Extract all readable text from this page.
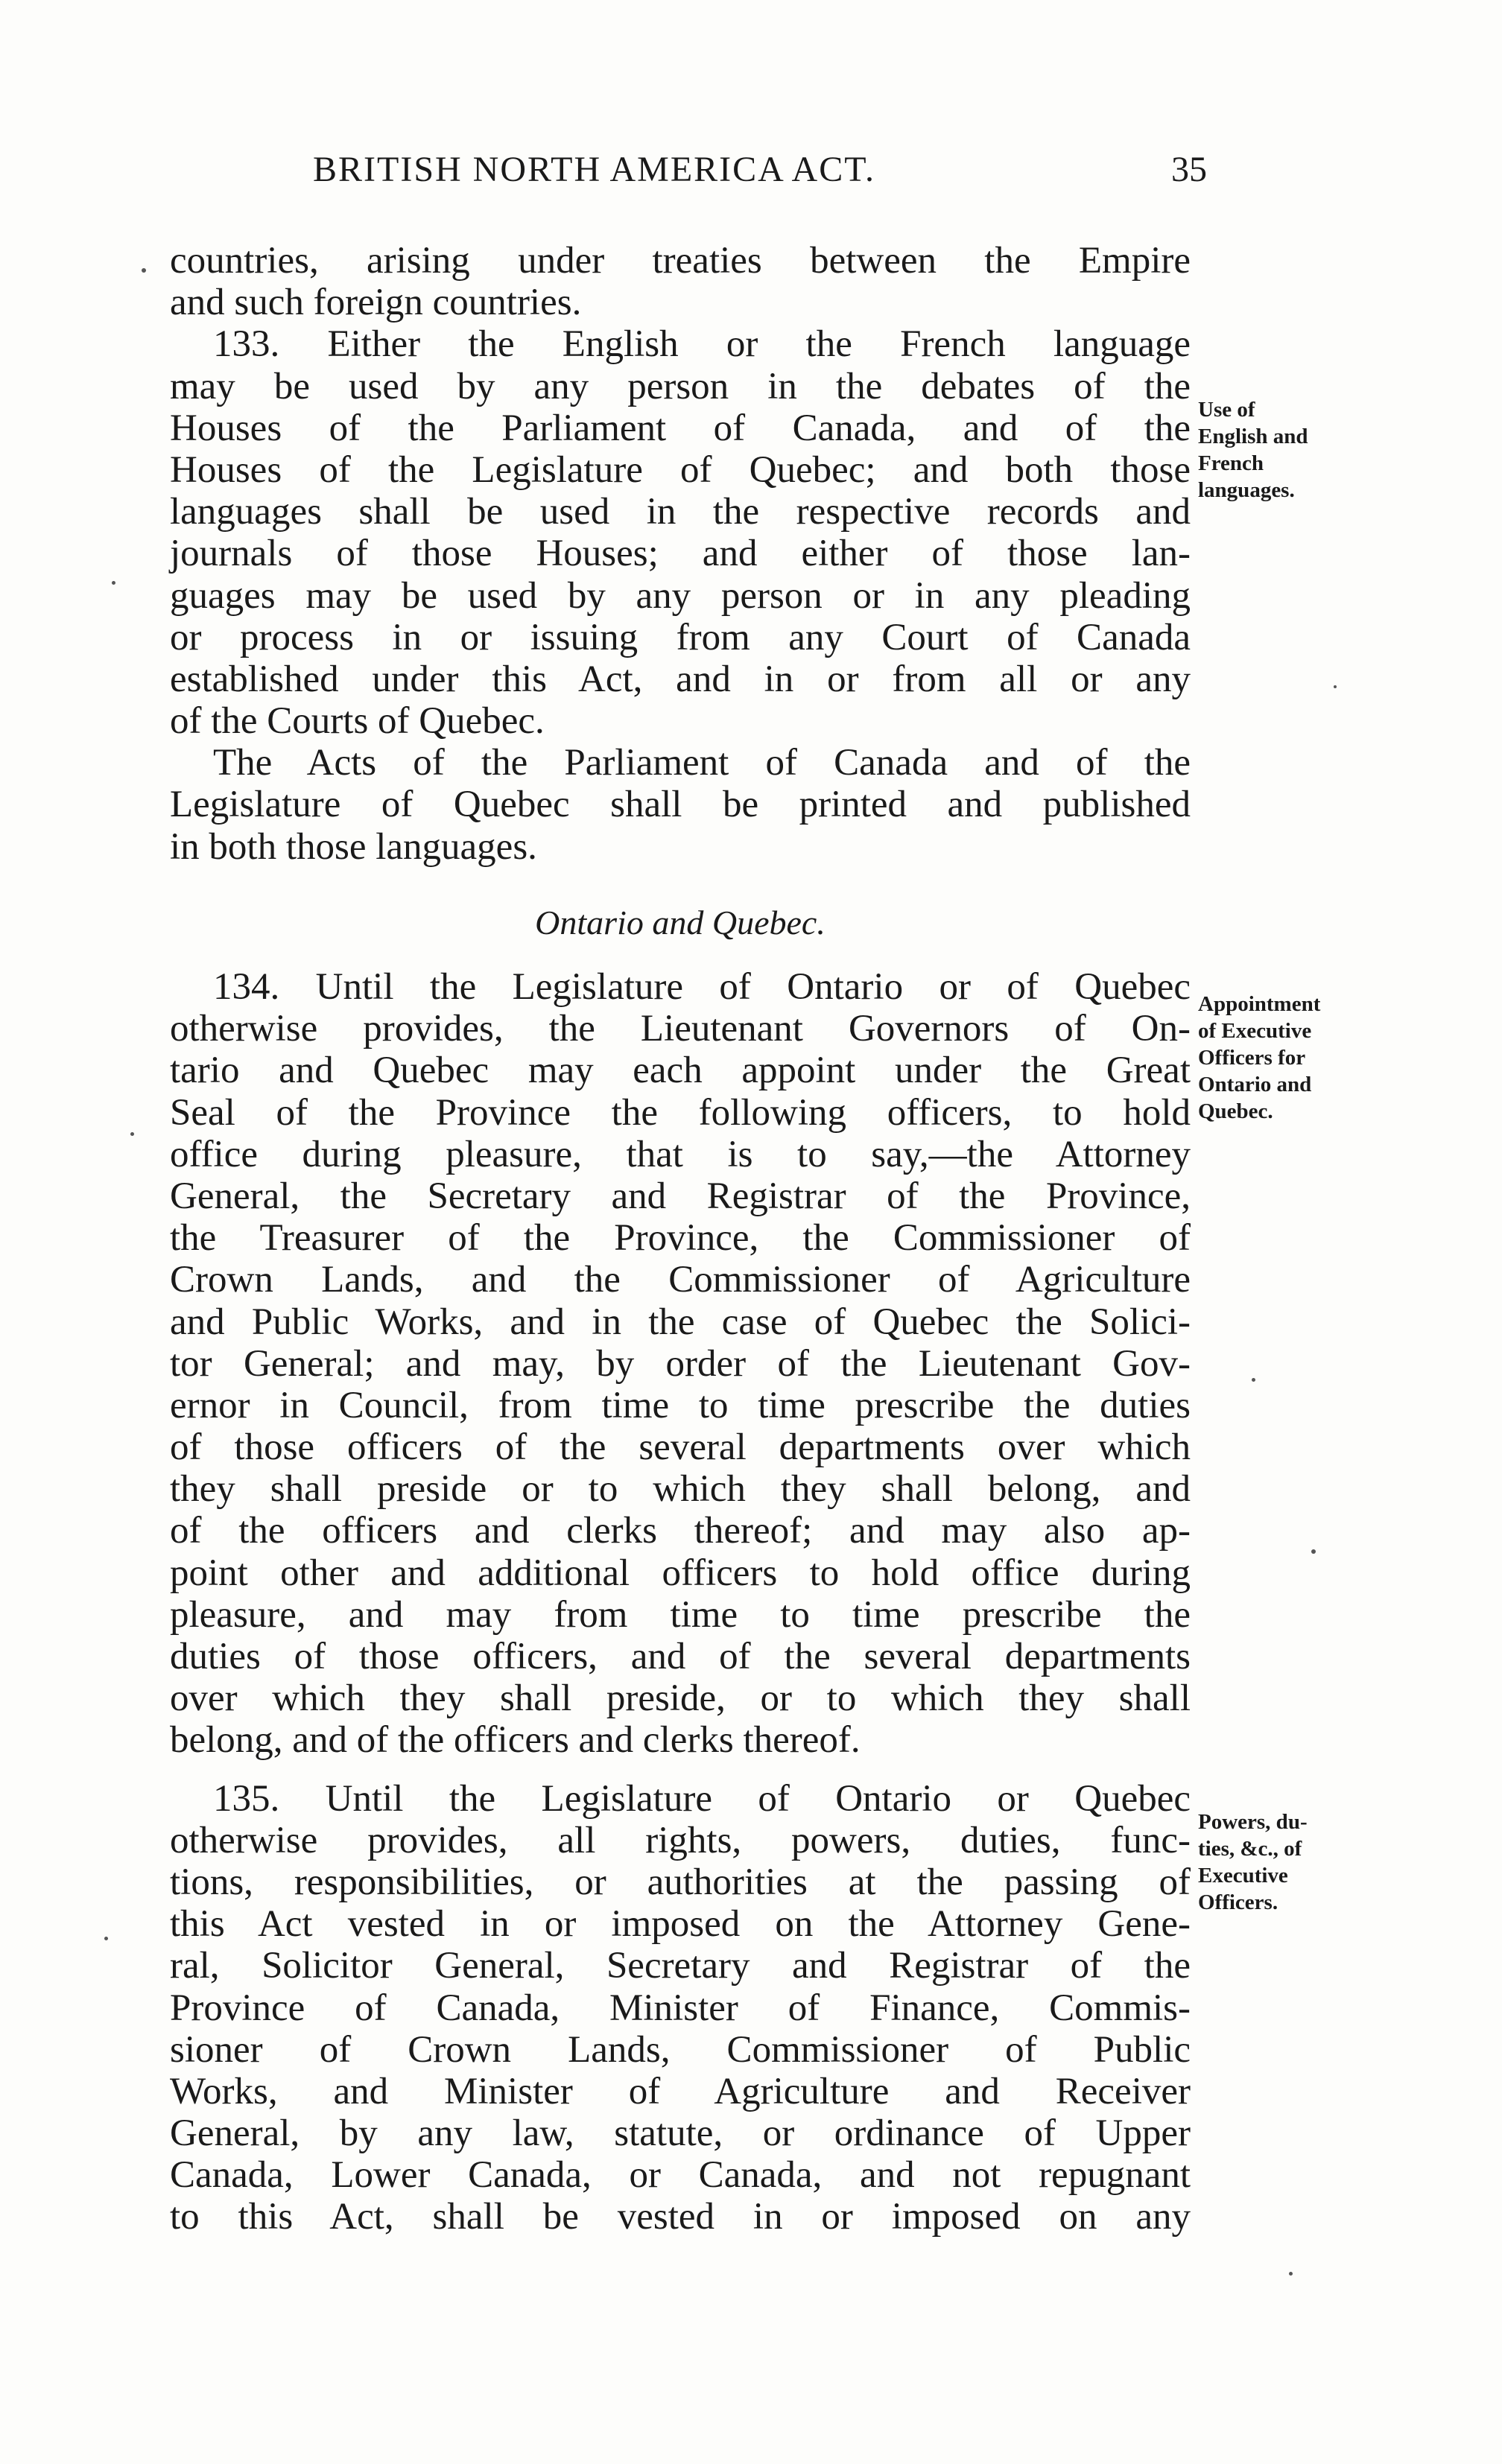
BRITISH NORTH AMERICA ACT.	35
countries, arising under treaties between the Empire
and such foreign countries.
133. Either the English or the French language
may be used by any person in the debates of the
Houses of the Parliament of Canada, and of the
Houses of the Legislature of Quebec; and both those
languages shall be used in the respective records and
journals of those Houses; and either of those lan-
guages may be used by any person or in any pleading
or process in or issuing from any Court of Canada
established under this Act, and in or from all or any
of the Courts of Quebec.
The Acts of the Parliament of Canada and of the
Legislature of Quebec shall be printed and published
in both those languages.
Ontario and Quebec.
134. Until the Legislature of Ontario or of Quebec
otherwise provides, the Lieutenant Governors of On-
tario and Quebec may each appoint under the Great
Seal of the Province the following officers, to hold
office during pleasure, that is to say,—the Attorney
General, the Secretary and Registrar of the Province,
the Treasurer of the Province, the Commissioner of
Crown Lands, and the Commissioner of Agriculture
and Public Works, and in the case of Quebec the Solici-
tor General; and may, by order of the Lieutenant Gov-
ernor in Council, from time to time prescribe the duties
of those officers of the several departments over which
they shall preside or to which they shall belong, and
of the officers and clerks thereof; and may also ap-
point other and additional officers to hold office during
pleasure, and may from time to time prescribe the
duties of those officers, and of the several departments
over which they shall preside, or to which they shall
belong, and of the officers and clerks thereof.
135. Until the Legislature of Ontario or Quebec
otherwise provides, all rights, powers, duties, func-
tions, responsibilities, or authorities at the passing of
this Act vested in or imposed on the Attorney Gene-
ral, Solicitor General, Secretary and Registrar of the
Province of Canada, Minister of Finance, Commis-
sioner of Crown Lands, Commissioner of Public
Works, and Minister of Agriculture and Receiver
General, by any law, statute, or ordinance of Upper
Canada, Lower Canada, or Canada, and not repugnant
to this Act, shall be vested in or imposed on any
Use of
English and
French
languages.
Appointment
of Executive
Officers for
Ontario and
Quebec.
Powers, du-
ties, &c., of
Executive
Officers.
